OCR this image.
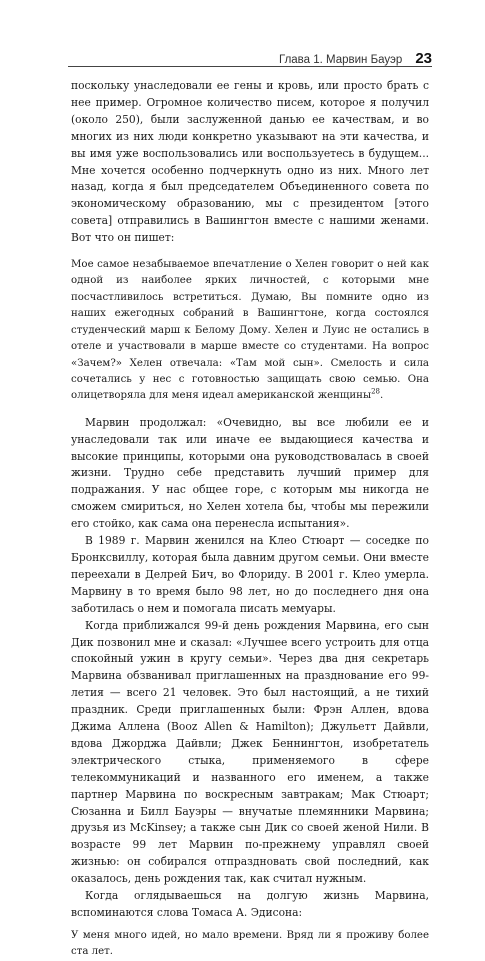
Глава 1. Марвин Бауэр 23

поскольку унаследовали ее гены и кровь, или просто брать с нее пример. Огромное количество писем, которое я получил (около 250), были заслуженной данью ее качествам, и во многих из них люди конкретно указывают на эти качества, и вы имя уже воспользовались или воспользуетесь в будущем... Мне хочется особенно подчеркнуть одно из них. Много лет назад, когда я был председателем Объединенного совета по экономическому образованию, мы с президентом [этого совета] отправились в Вашингтон вместе с нашими женами. Вот что он пишет:

Мое самое незабываемое впечатление о Хелен говорит о ней как одной из наиболее ярких личностей, с которыми мне посчастливилось встретиться. Думаю, Вы помните одно из наших ежегодных собраний в Вашингтоне, когда состоялся студенческий марш к Белому Дому. Хелен и Луис не остались в отеле и участвовали в марше вместе со студентами. На вопрос «Зачем?» Хелен отвечала: «Там мой сын». Смелость и сила сочетались у нес с готовностью защищать свою семью. Она олицетворяла для меня идеал американской женщины$^{28}$.

Марвин продолжал: «Очевидно, вы все любили ее и унаследовали так или иначе ее выдающиеся качества и высокие принципы, которыми она руководствовалась в своей жизни. Трудно себе представить лучший пример для подражания. У нас общее горе, с которым мы никогда не сможем смириться, но Хелен хотела бы, чтобы мы пережили его стойко, как сама она перенесла испытания».

В 1989 г. Марвин женился на Клео Стюарт — соседке по Бронксвиллу, которая была давним другом семьи. Они вместе переехали в Делрей Бич, во Флориду. В 2001 г. Клео умерла. Марвину в то время было 98 лет, но до последнего дня она заботилась о нем и помогала писать мемуары.

Когда приближался 99-й день рождения Марвина, его сын Дик позвонил мне и сказал: «Лучшее всего устроить для отца спокойный ужин в кругу семьи». Через два дня секретарь Марвина обзванивал приглашенных на празднование его 99-летия — всего 21 человек. Это был настоящий, а не тихий праздник. Среди приглашенных были: Фрэн Аллен, вдова Джима Аллена (Booz Allen & Hamilton); Джульетт Дайвли, вдова Джорджа Дайвли; Джек Беннингтон, изобретатель электрического стыка, применяемого в сфере телекоммуникаций и названного его именем, а также партнер Марвина по воскресным завтракам; Мак Стюарт; Сюзанна и Билл Бауэры — внучатые племянники Марвина; друзья из McKinsey; а также сын Дик со своей женой Нили. В возрасте 99 лет Марвин по-прежнему управлял своей жизнью: он собирался отпраздновать свой последний, как оказалось, день рождения так, как считал нужным.

Когда оглядываешься на долгую жизнь Марвина, вспоминаются слова Томаса А. Эдисона:

У меня много идей, но мало времени. Вряд ли я проживу более ста лет.
